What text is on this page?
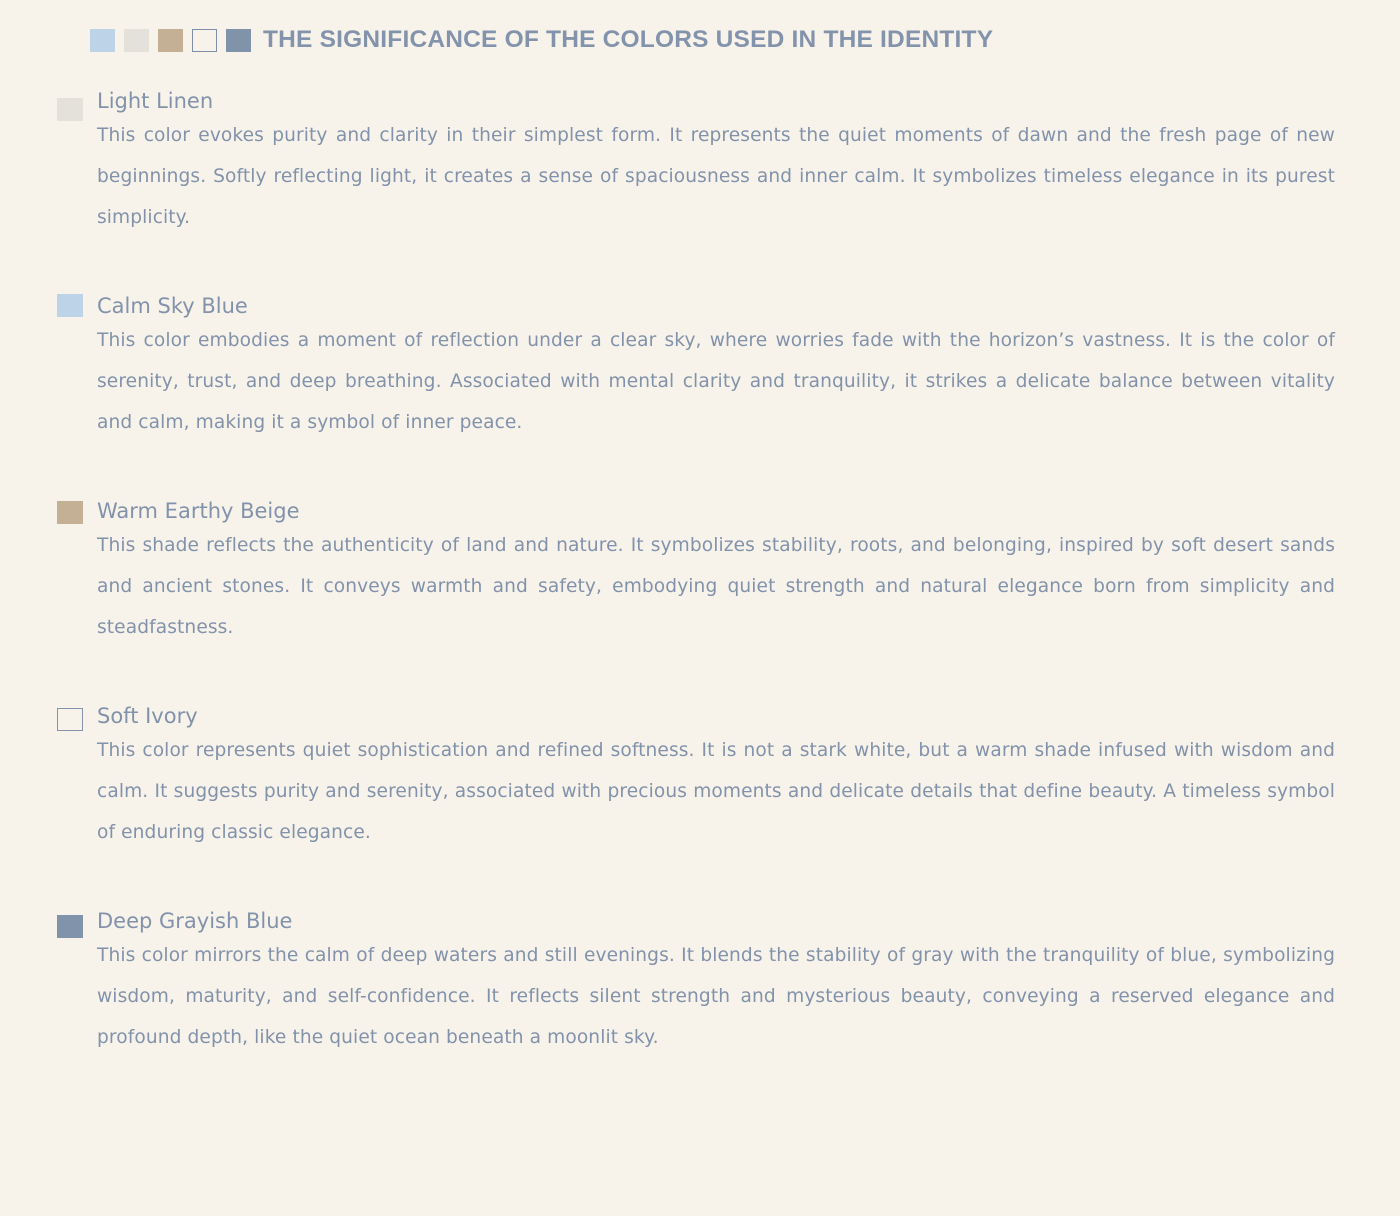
THE SIGNIFICANCE OF THE COLORS USED IN THE IDENTITY
Light Linen

This color evokes purity and clarity in their simplest form. It represents the quiet moments of dawn and the fresh page of new beginnings. Softly reflecting light, it creates a sense of spaciousness and inner calm. It symbolizes timeless elegance in its purest simplicity.

Calm Sky Blue

This color embodies a moment of reflection under a clear sky, where worries fade with the horizon’s vastness. It is the color of serenity, trust, and deep breathing. Associated with mental clarity and tranquility, it strikes a delicate balance between vitality and calm, making it a symbol of inner peace.

Warm Earthy Beige

This shade reflects the authenticity of land and nature. It symbolizes stability, roots, and belonging, inspired by soft desert sands and ancient stones. It conveys warmth and safety, embodying quiet strength and natural elegance born from simplicity and steadfastness.

Soft Ivory

This color represents quiet sophistication and refined softness. It is not a stark white, but a warm shade infused with wisdom and calm. It suggests purity and serenity, associated with precious moments and delicate details that define beauty. A timeless symbol of enduring classic elegance.

Deep Grayish Blue

This color mirrors the calm of deep waters and still evenings. It blends the stability of gray with the tranquility of blue, symbolizing wisdom, maturity, and self-confidence. It reflects silent strength and mysterious beauty, conveying a reserved elegance and profound depth, like the quiet ocean beneath a moonlit sky.
